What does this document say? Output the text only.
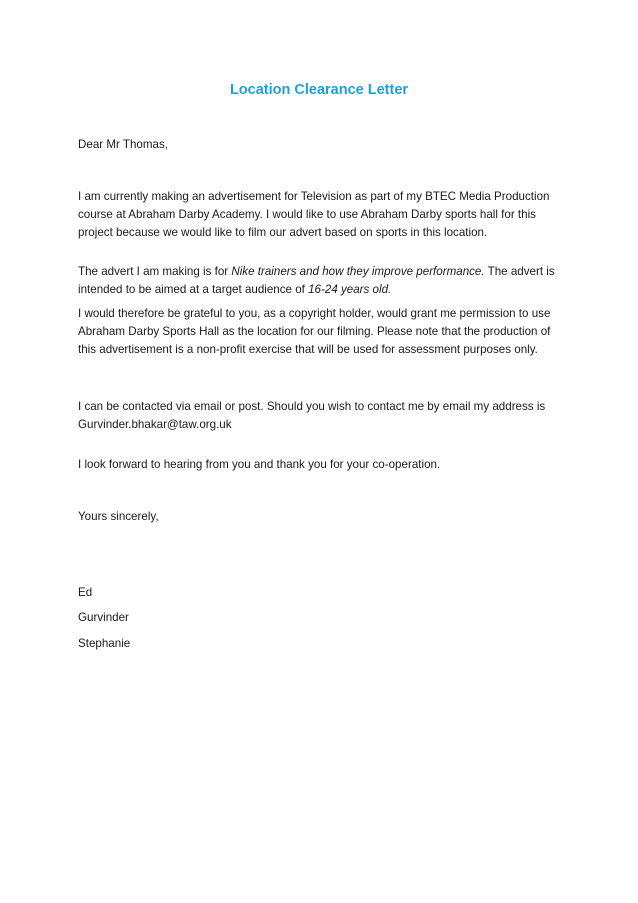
Location Clearance Letter

Dear Mr Thomas,

I am currently making an advertisement for Television as part of my BTEC Media Production course at Abraham Darby Academy. I would like to use Abraham Darby sports hall for this project because we would like to film our advert based on sports in this location.

The advert I am making is for Nike trainers and how they improve performance. The advert is intended to be aimed at a target audience of 16-24 years old.

I would therefore be grateful to you, as a copyright holder, would grant me permission to use Abraham Darby Sports Hall as the location for our filming. Please note that the production of this advertisement is a non-profit exercise that will be used for assessment purposes only.

I can be contacted via email or post. Should you wish to contact me by email my address is Gurvinder.bhakar@taw.org.uk

I look forward to hearing from you and thank you for your co-operation.

Yours sincerely,

Ed

Gurvinder

Stephanie
